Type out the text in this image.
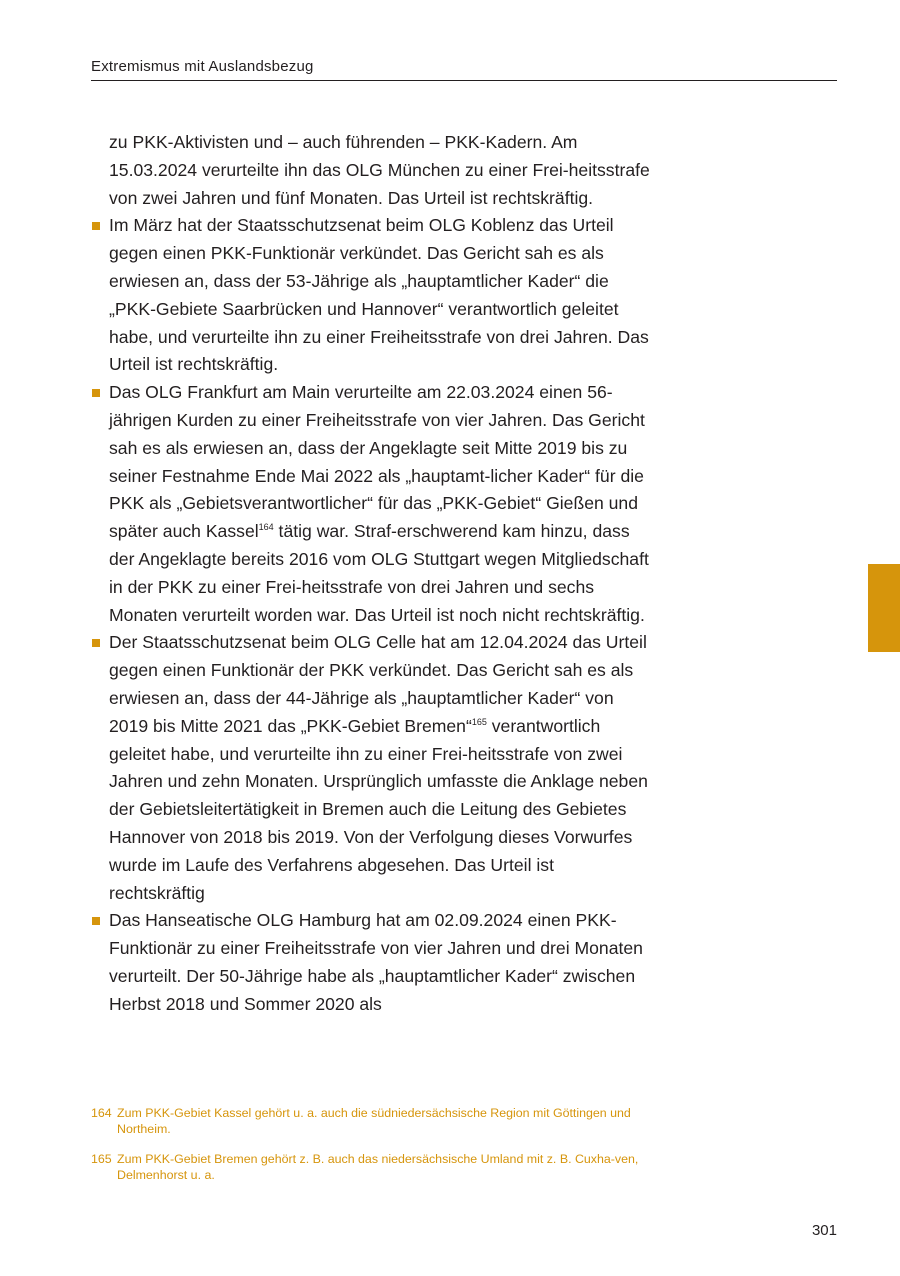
Extremismus mit Auslandsbezug

zu PKK-Aktivisten und – auch führenden – PKK-Kadern. Am 15.03.2024 verurteilte ihn das OLG München zu einer Frei-heitsstrafe von zwei Jahren und fünf Monaten. Das Urteil ist rechtskräftig.

Im März hat der Staatsschutzsenat beim OLG Koblenz das Urteil gegen einen PKK-Funktionär verkündet. Das Gericht sah es als erwiesen an, dass der 53-Jährige als „hauptamtlicher Kader“ die „PKK-Gebiete Saarbrücken und Hannover“ verantwortlich geleitet habe, und verurteilte ihn zu einer Freiheitsstrafe von drei Jahren. Das Urteil ist rechtskräftig.
Das OLG Frankfurt am Main verurteilte am 22.03.2024 einen 56-jährigen Kurden zu einer Freiheitsstrafe von vier Jahren. Das Gericht sah es als erwiesen an, dass der Angeklagte seit Mitte 2019 bis zu seiner Festnahme Ende Mai 2022 als „hauptamt-licher Kader“ für die PKK als „Gebietsverantwortlicher“ für das „PKK-Gebiet“ Gießen und später auch Kassel$^{164}$ tätig war. Straf-erschwerend kam hinzu, dass der Angeklagte bereits 2016 vom OLG Stuttgart wegen Mitgliedschaft in der PKK zu einer Frei-heitsstrafe von drei Jahren und sechs Monaten verurteilt worden war. Das Urteil ist noch nicht rechtskräftig.
Der Staatsschutzsenat beim OLG Celle hat am 12.04.2024 das Urteil gegen einen Funktionär der PKK verkündet. Das Gericht sah es als erwiesen an, dass der 44-Jährige als „hauptamtlicher Kader“ von 2019 bis Mitte 2021 das „PKK-Gebiet Bremen“$^{165}$ verantwortlich geleitet habe, und verurteilte ihn zu einer Frei-heitsstrafe von zwei Jahren und zehn Monaten. Ursprünglich umfasste die Anklage neben der Gebietsleitertätigkeit in Bremen auch die Leitung des Gebietes Hannover von 2018 bis 2019. Von der Verfolgung dieses Vorwurfes wurde im Laufe des Verfahrens abgesehen. Das Urteil ist rechtskräftig
Das Hanseatische OLG Hamburg hat am 02.09.2024 einen PKK-Funktionär zu einer Freiheitsstrafe von vier Jahren und drei Monaten verurteilt. Der 50-Jährige habe als „hauptamtlicher Kader“ zwischen Herbst 2018 und Sommer 2020 als
164 Zum PKK-Gebiet Kassel gehört u. a. auch die südniedersächsische Region mit Göttingen und Northeim.
165 Zum PKK-Gebiet Bremen gehört z. B. auch das niedersächsische Umland mit z. B. Cuxha-ven, Delmenhorst u. a.
301
